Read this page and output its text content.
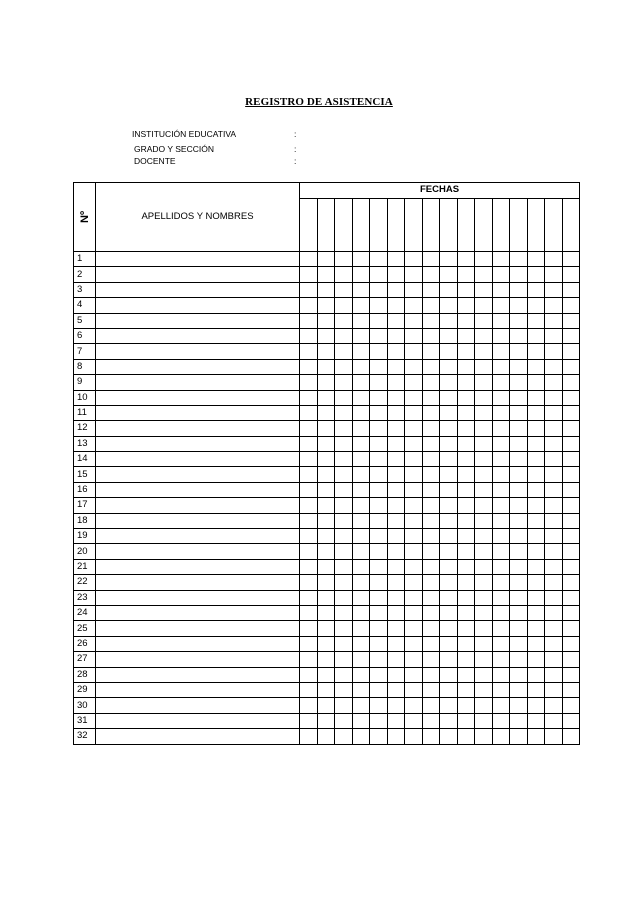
REGISTRO DE ASISTENCIA
INSTITUCIÓN EDUCATIVA	:
GRADO Y SECCIÓN	:
DOCENTE	:
Nº	APELLIDOS Y NOMBRES	FECHAS															

1																	
2																	
3																	
4																	
5																	
6																	
7																	
8																	
9																	
10																	
11																	
12																	
13																	
14																	
15																	
16																	
17																	
18																	
19																	
20																	
21																	
22																	
23																	
24																	
25																	
26																	
27																	
28																	
29																	
30																	
31																	
32																	
